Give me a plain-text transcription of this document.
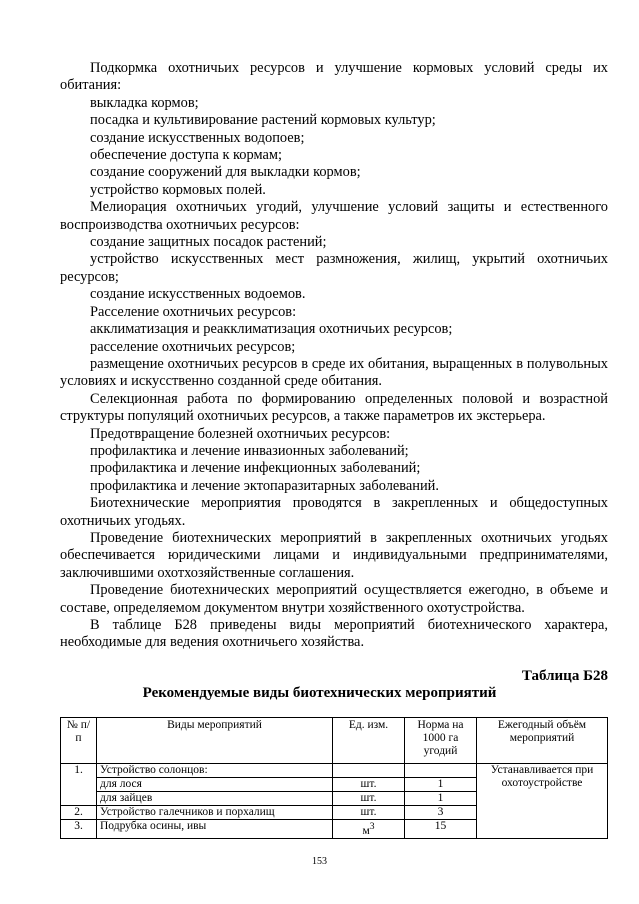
Подкормка охотничьих ресурсов и улучшение кормовых условий среды их обитания:

выкладка кормов;

посадка и культивирование растений кормовых культур;

создание искусственных водопоев;

обеспечение доступа к кормам;

создание сооружений для выкладки кормов;

устройство кормовых полей.

Мелиорация охотничьих угодий, улучшение условий защиты и естественного воспроизводства охотничьих ресурсов:

создание защитных посадок растений;

устройство искусственных мест размножения, жилищ, укрытий охотничьих ресурсов;

создание искусственных водоемов.

Расселение охотничьих ресурсов:

акклиматизация и реакклиматизация охотничьих ресурсов;

расселение охотничьих ресурсов;

размещение охотничьих ресурсов в среде их обитания, выращенных в полувольных условиях и искусственно созданной среде обитания.

Селекционная работа по формированию определенных половой и возрастной структуры популяций охотничьих ресурсов, а также параметров их экстерьера.

Предотвращение болезней охотничьих ресурсов:

профилактика и лечение инвазионных заболеваний;

профилактика и лечение инфекционных заболеваний;

профилактика и лечение эктопаразитарных заболеваний.

Биотехнические мероприятия проводятся в закрепленных и общедоступных охотничьих угодьях.

Проведение биотехнических мероприятий в закрепленных охотничьих угодьях обеспечивается юридическими лицами и индивидуальными предпринимателями, заключившими охотхозяйственные соглашения.

Проведение биотехнических мероприятий осуществляется ежегодно, в объеме и составе, определяемом документом внутри хозяйственного охотустройства.

В таблице Б28 приведены виды мероприятий биотехнического характера, необходимые для ведения охотничьего хозяйства.

Таблица Б28
Рекомендуемые виды биотехнических мероприятий
№ п/п	Виды мероприятий	Ед. изм.	Норма на 1000 га угодий	Ежегодный объём мероприятий
1.	Устройство солонцов:			Устанавливается при охотоустройстве
	для лося	шт.	1	
	для зайцев	шт.	1	
2.	Устройство галечников и порхалищ	шт.	3	
3.	Подрубка осины, ивы	$м^3$	15	
153
